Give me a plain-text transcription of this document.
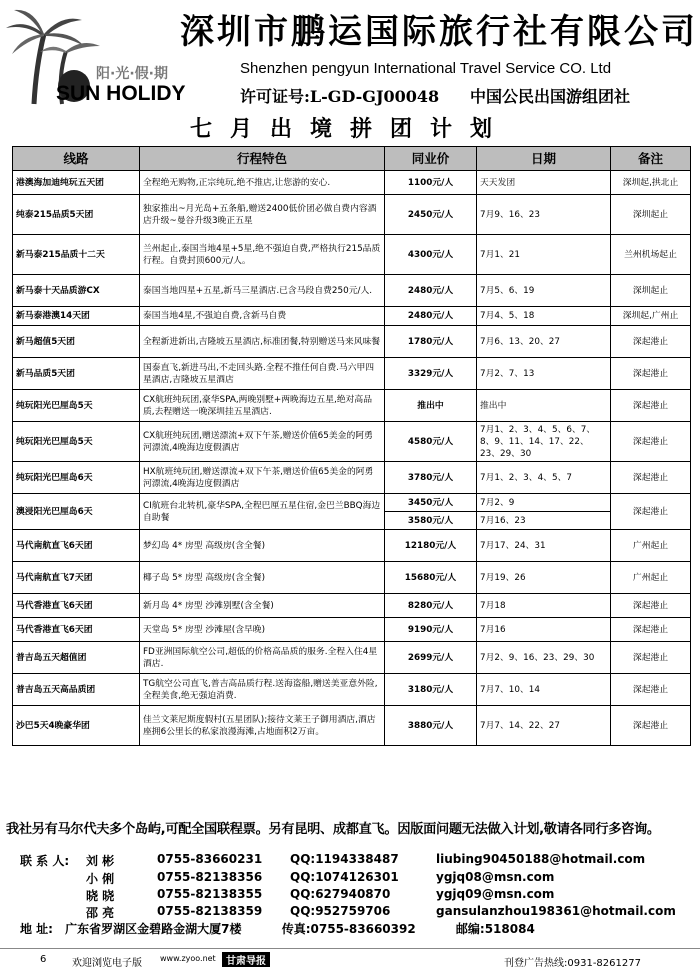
阳·光·假·期
SUN HOLIDY
深圳市鹏运国际旅行社有限公司
Shenzhen pengyun International Travel Service CO. Ltd
许可证号:L-GD-GJ00048 中国公民出国游组团社
七月出境拼团计划
线路	行程特色	同业价	日期	备注
港澳海加迪纯玩五天团	全程绝无购物,正宗纯玩,绝不推店,让您游的安心.	1100元/人	天天发团	深圳起,拱北止
纯泰215品质5天团	独家推出~月光岛+五条船,赠送2400低价团必做自费内容酒店升级~曼谷升级3晚正五星	2450元/人	7月9、16、23	深圳起止
新马泰215品质十二天	兰州起止,泰国当地4星+5星,绝不强迫自费,严格执行215品质行程。自费封顶600元/人。	4300元/人	7月1、21	兰州机场起止
新马泰十天品质游CX	泰国当地四星+五星,新马三星酒店.已含马段自费250元/人.	2480元/人	7月5、6、19	深圳起止
新马泰港澳14天团	泰国当地4星,不强迫自费,含新马自费	2480元/人	7月4、5、18	深圳起,广州止
新马超值5天团	全程新进新出,吉隆坡五星酒店,标准团餐,特别赠送马来风味餐	1780元/人	7月6、13、20、27	深起港止
新马品质5天团	国泰直飞,新进马出,不走回头路.全程不推任何自费.马六甲四星酒店,吉隆坡五星酒店	3329元/人	7月2、7、13	深起港止
纯玩阳光巴厘岛5天	CX航班纯玩团,豪华SPA,两晚别墅+两晚海边五星,绝对高品质,去程赠送一晚深圳挂五星酒店.	推出中	推出中	深起港止
纯玩阳光巴厘岛5天	CX航班纯玩团,赠送漂流+双下午茶,赠送价值65美金的阿勇河漂流,4晚海边度假酒店	4580元/人	7月1、2、3、4、5、6、7、8、9、11、14、17、22、23、29、30	深起港止
纯玩阳光巴厘岛6天	HX航班纯玩团,赠送漂流+双下午茶,赠送价值65美金的阿勇河漂流,4晚海边度假酒店	3780元/人	7月1、2、3、4、5、7	深起港止
澳浸阳光巴厘岛6天	CI航班台北转机,豪华SPA,全程巴厘五星住宿,金巴兰BBQ海边自助餐	3450元/人	7月2、9	深起港止
		3580元/人	7月16、23	
马代南航直飞6天团	梦幻岛 4* 房型 高级房(含全餐)	12180元/人	7月17、24、31	广州起止
马代南航直飞7天团	椰子岛 5* 房型 高级房(含全餐)	15680元/人	7月19、26	广州起止
马代香港直飞6天团	新月岛 4* 房型 沙滩别墅(含全餐)	8280元/人	7月18	深起港止
马代香港直飞6天团	天堂岛 5* 房型 沙滩屋(含早晚)	9190元/人	7月16	深起港止
普吉岛五天超值团	FD亚洲国际航空公司,超低的价格高品质的服务.全程入住4星酒店.	2699元/人	7月2、9、16、23、29、30	深起港止
普吉岛五天高品质团	TG航空公司直飞,普吉高品质行程.送海盗船,赠送美亚意外险,全程美食,绝无强迫消费.	3180元/人	7月7、10、14	深起港止
沙巴5天4晚豪华团	佳兰文莱尼斯度假村(五星团队);接待文莱王子御用酒店,酒店座拥6公里长的私家浪漫海滩,占地面积2万亩。	3880元/人	7月7、14、22、27	深起港止
我社另有马尔代夫多个岛屿,可配全国联程票。另有昆明、成都直飞。因版面问题无法做入计划,敬请各同行多咨询。
联 系 人: 刘 彬	0755-83660231 QQ:1194338487	liubing90450188@hotmail.com
小 俐	0755-82138356 QQ:1074126301	ygjq08@msn.com
晓 晓	0755-82138355 QQ:627940870	ygjq09@msn.com
邵 亮	0755-82138359 QQ:952759706	gansulanzhou198361@hotmail.com
地 址: 广东省罗湖区金碧路金湖大厦7楼	传真:0755-83660392	邮编:518084
6	欢迎浏览电子版 www.zyoo.net	甘肃导报	刊登广告热线:0931-8261277
